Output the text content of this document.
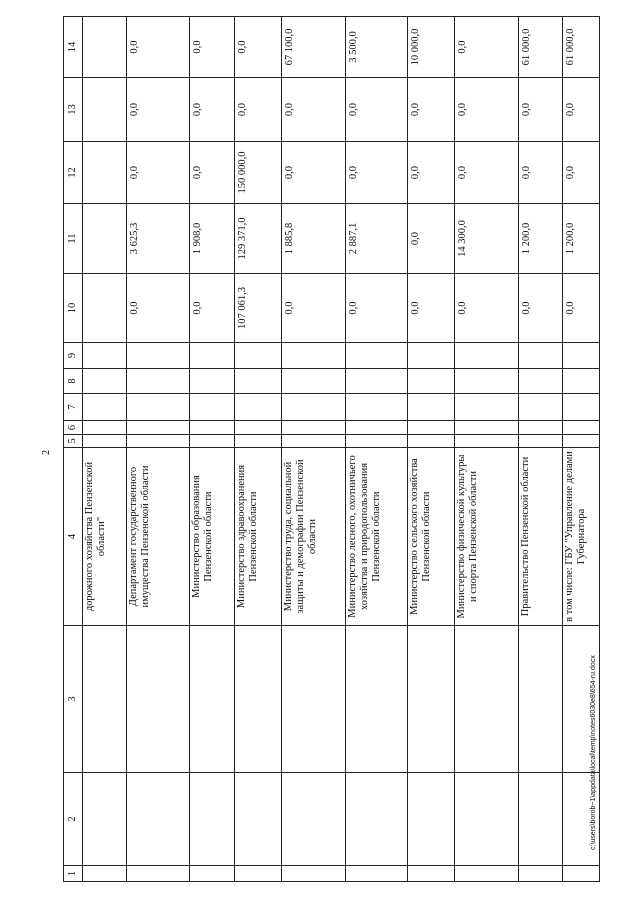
2
c:\users\borob~1\appdata\local\temp\notes6030e8\654-ru.docx
1	2	3	4	5	6	7	8	9	10	11	12	13	14
			дорожного хозяйства Пензенской области"										
			Департамент государственного имущества Пензенской области						0,0	3 625,3	0,0	0,0	0,0
			Министерство образования Пензенской области						0,0	1 908,0	0,0	0,0	0,0
			Министерство здравоохранения Пензенской области						107 061,3	129 371,0	150 000,0	0,0	0,0
			Министерство труда, социальной защиты и демографии Пензенской области						0,0	1 885,8	0,0	0,0	67 100,0
			Министерство лесного, охотничьего хозяйства и природопользования Пензенской области						0,0	2 887,1	0,0	0,0	3 500,0
			Министерство сельского хозяйства Пензенской области						0,0	0,0	0,0	0,0	10 000,0
			Министерство физической культуры и спорта Пензенской области						0,0	14 300,0	0,0	0,0	0,0
			Правительство Пензенской области						0,0	1 200,0	0,0	0,0	61 000,0
			в том числе: ГБУ "Управление делами Губернатора						0,0	1 200,0	0,0	0,0	61 000,0
